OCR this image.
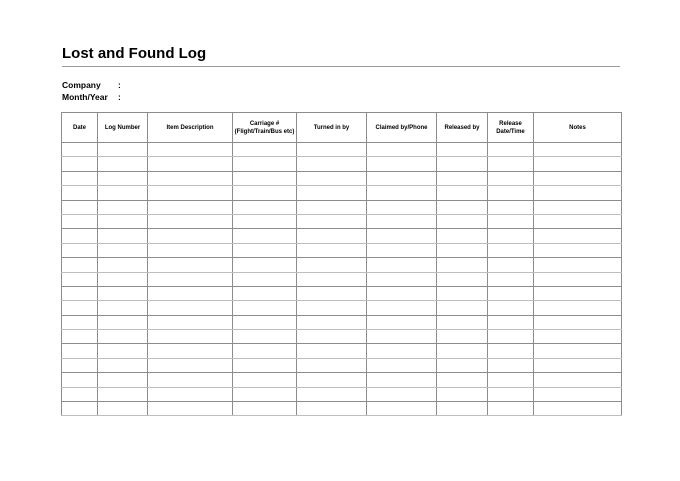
Lost and Found Log
Company	:
Month/Year	:
Date	Log Number	Item Description	Carriage # (Flight/Train/Bus etc)	Turned in by	Claimed by/Phone	Released by	Release Date/Time	Notes
